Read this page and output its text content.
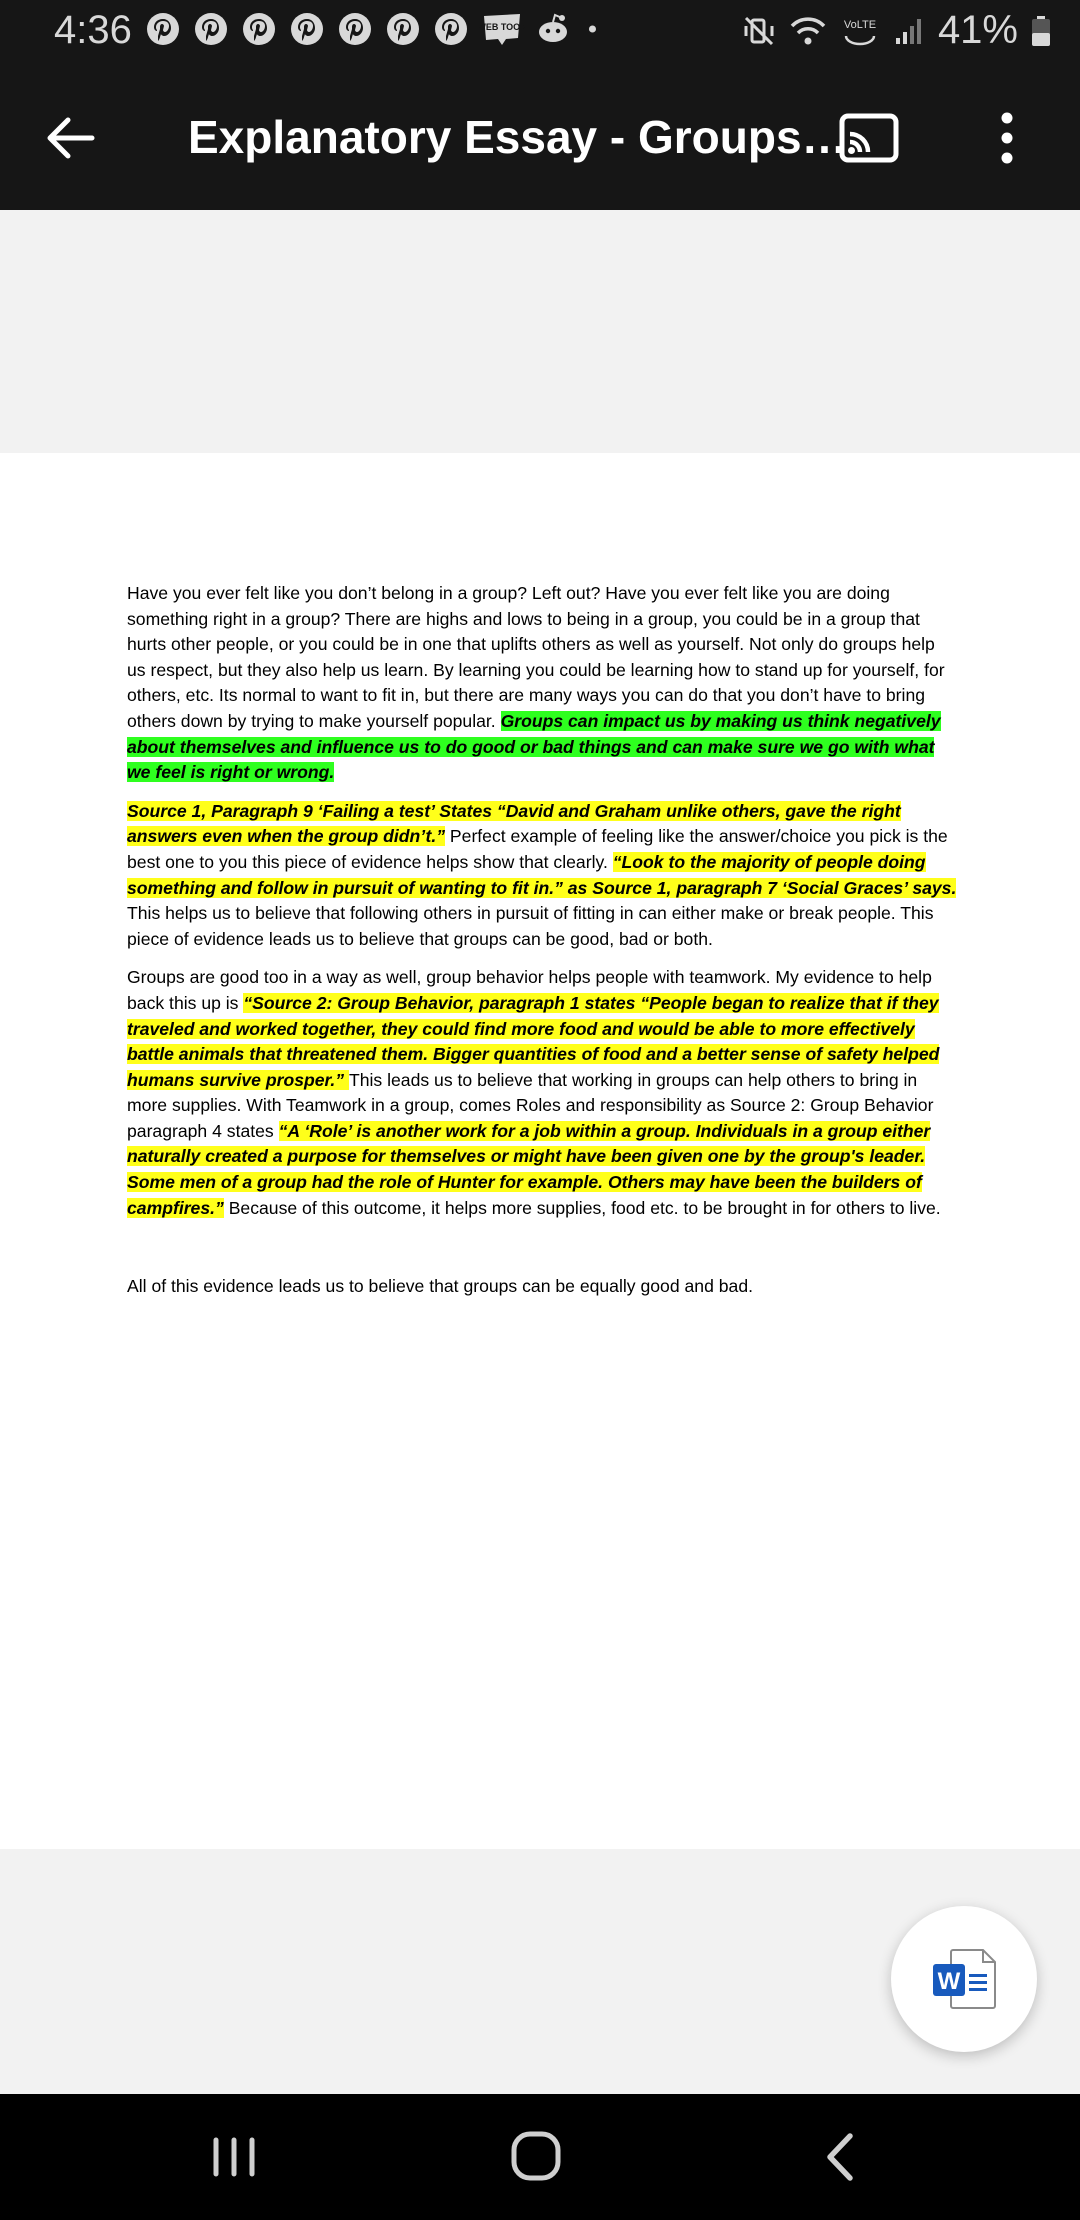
4:36	WEB TOON	VoLTE 41%
Explanatory Essay - Groups…

Have you ever felt like you don’t belong in a group? Left out? Have you ever felt like you are doing something right in a group? There are highs and lows to being in a group, you could be in a group that hurts other people, or you could be in one that uplifts others as well as yourself. Not only do groups help us respect, but they also help us learn. By learning you could be learning how to stand up for yourself, for others, etc. Its normal to want to fit in, but there are many ways you can do that you don’t have to bring others down by trying to make yourself popular. Groups can impact us by making us think negatively about themselves and influence us to do good or bad things and can make sure we go with what we feel is right or wrong.

Source 1, Paragraph 9 ‘Failing a test’ States “David and Graham unlike others, gave the right answers even when the group didn’t.” Perfect example of feeling like the answer/choice you pick is the best one to you this piece of evidence helps show that clearly. “Look to the majority of people doing something and follow in pursuit of wanting to fit in.” as Source 1, paragraph 7 ‘Social Graces’ says. This helps us to believe that following others in pursuit of fitting in can either make or break people. This piece of evidence leads us to believe that groups can be good, bad or both.

Groups are good too in a way as well, group behavior helps people with teamwork. My evidence to help back this up is “Source 2: Group Behavior, paragraph 1 states “People began to realize that if they traveled and worked together, they could find more food and would be able to more effectively battle animals that threatened them. Bigger quantities of food and a better sense of safety helped humans survive prosper.” This leads us to believe that working in groups can help others to bring in more supplies. With Teamwork in a group, comes Roles and responsibility as Source 2: Group Behavior paragraph 4 states “A ‘Role’ is another work for a job within a group. Individuals in a group either naturally created a purpose for themselves or might have been given one by the group's leader. Some men of a group had the role of Hunter for example. Others may have been the builders of campfires.” Because of this outcome, it helps more supplies, food etc. to be brought in for others to live.

All of this evidence leads us to believe that groups can be equally good and bad.

W
